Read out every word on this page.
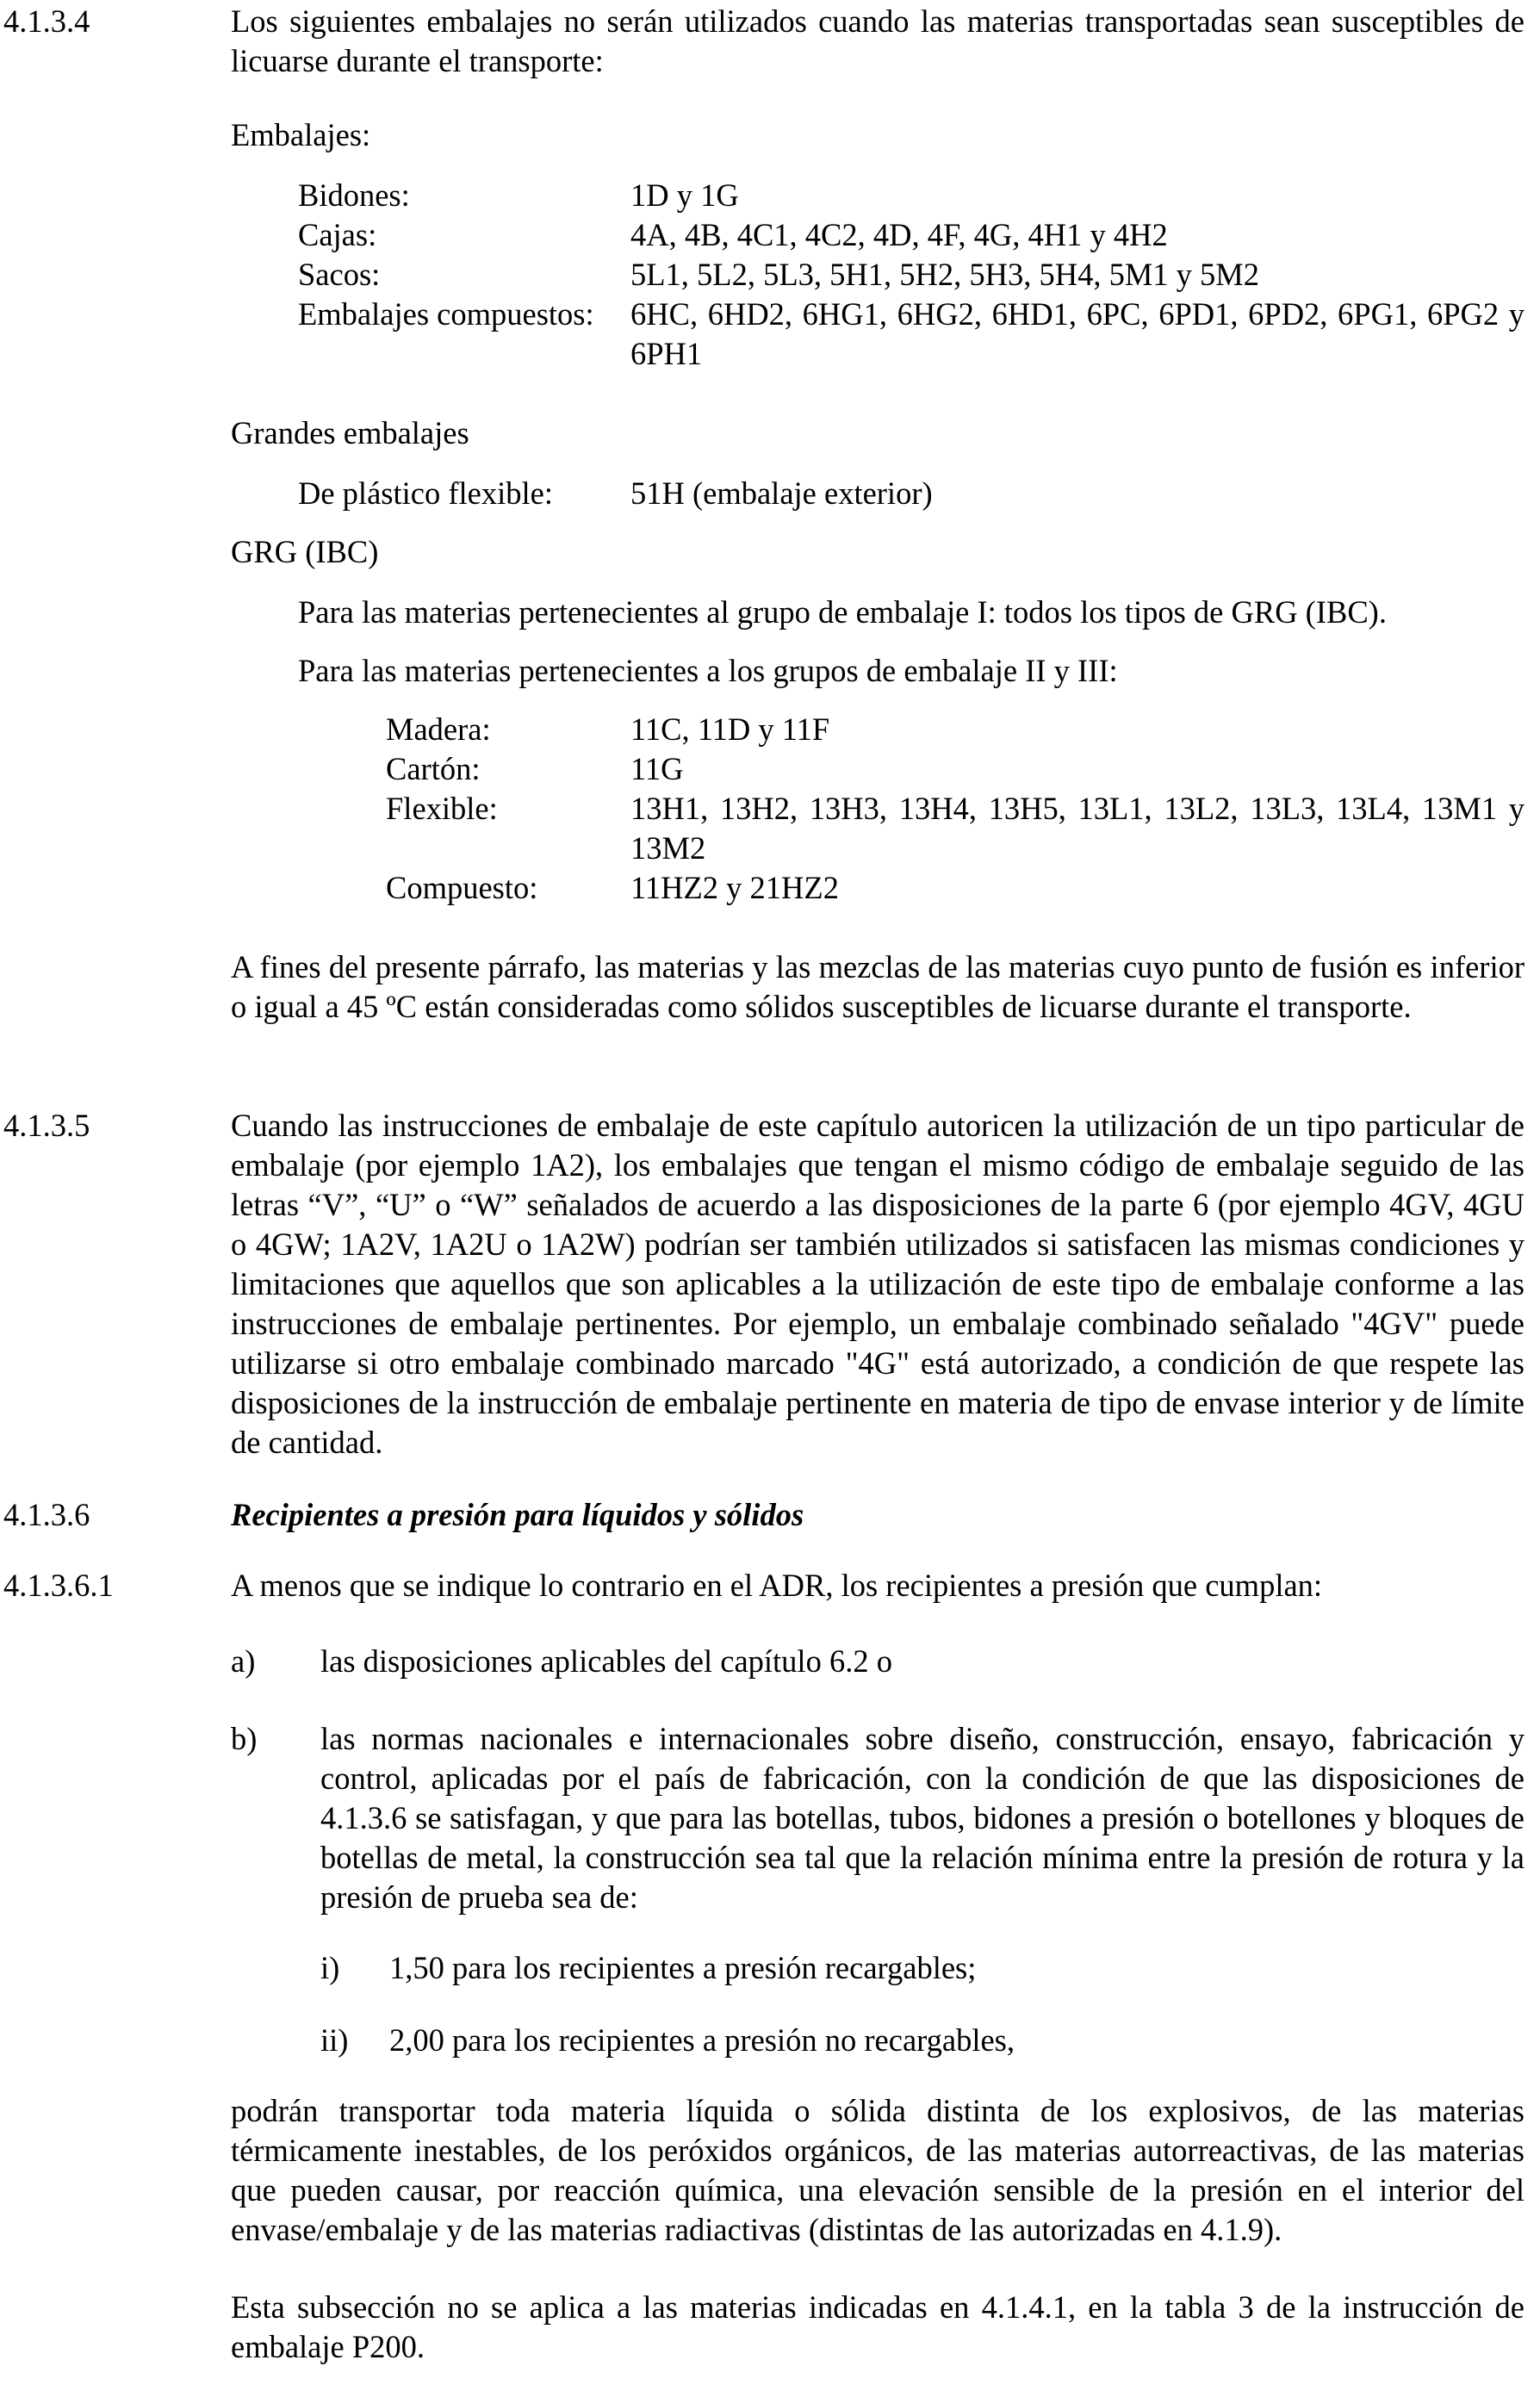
4.1.3.4	Los siguientes embalajes no serán utilizados cuando las materias transportadas sean susceptibles de licuarse durante el transporte:
Embalajes:
Bidones:	1D y 1G
Cajas:	4A, 4B, 4C1, 4C2, 4D, 4F, 4G, 4H1 y 4H2
Sacos:	5L1, 5L2, 5L3, 5H1, 5H2, 5H3, 5H4, 5M1 y 5M2
Embalajes compuestos: 6HC, 6HD2, 6HG1, 6HG2, 6HD1, 6PC, 6PD1, 6PD2, 6PG1, 6PG2 y 6PH1
Grandes embalajes
De plástico flexible: 51H (embalaje exterior)
GRG (IBC)
Para las materias pertenecientes al grupo de embalaje I: todos los tipos de GRG (IBC).
Para las materias pertenecientes a los grupos de embalaje II y III:
Madera:	11C, 11D y 11F
Cartón:	11G
Flexible:	13H1, 13H2, 13H3, 13H4, 13H5, 13L1, 13L2, 13L3, 13L4, 13M1 y 13M2
Compuesto:	11HZ2 y 21HZ2
A fines del presente párrafo, las materias y las mezclas de las materias cuyo punto de fusión es inferior o igual a 45 ºC están consideradas como sólidos susceptibles de licuarse durante el transporte.
4.1.3.5	Cuando las instrucciones de embalaje de este capítulo autoricen la utilización de un tipo particular de embalaje (por ejemplo 1A2), los embalajes que tengan el mismo código de embalaje seguido de las letras “V”, “U” o “W” señalados de acuerdo a las disposiciones de la parte 6 (por ejemplo 4GV, 4GU o 4GW; 1A2V, 1A2U o 1A2W) podrían ser también utilizados si satisfacen las mismas condiciones y limitaciones que aquellos que son aplicables a la utilización de este tipo de embalaje conforme a las instrucciones de embalaje pertinentes. Por ejemplo, un embalaje combinado señalado "4GV" puede utilizarse si otro embalaje combinado marcado "4G" está autorizado, a condición de que respete las disposiciones de la instrucción de embalaje pertinente en materia de tipo de envase interior y de límite de cantidad.
4.1.3.6	Recipientes a presión para líquidos y sólidos
4.1.3.6.1	A menos que se indique lo contrario en el ADR, los recipientes a presión que cumplan:
a) las disposiciones aplicables del capítulo 6.2 o
b) las normas nacionales e internacionales sobre diseño, construcción, ensayo, fabricación y control, aplicadas por el país de fabricación, con la condición de que las disposiciones de 4.1.3.6 se satisfagan, y que para las botellas, tubos, bidones a presión o botellones y bloques de botellas de metal, la construcción sea tal que la relación mínima entre la presión de rotura y la presión de prueba sea de:
i) 1,50 para los recipientes a presión recargables;
ii) 2,00 para los recipientes a presión no recargables,
podrán transportar toda materia líquida o sólida distinta de los explosivos, de las materias térmicamente inestables, de los peróxidos orgánicos, de las materias autorreactivas, de las materias que pueden causar, por reacción química, una elevación sensible de la presión en el interior del envase/embalaje y de las materias radiactivas (distintas de las autorizadas en 4.1.9).
Esta subsección no se aplica a las materias indicadas en 4.1.4.1, en la tabla 3 de la instrucción de embalaje P200.
